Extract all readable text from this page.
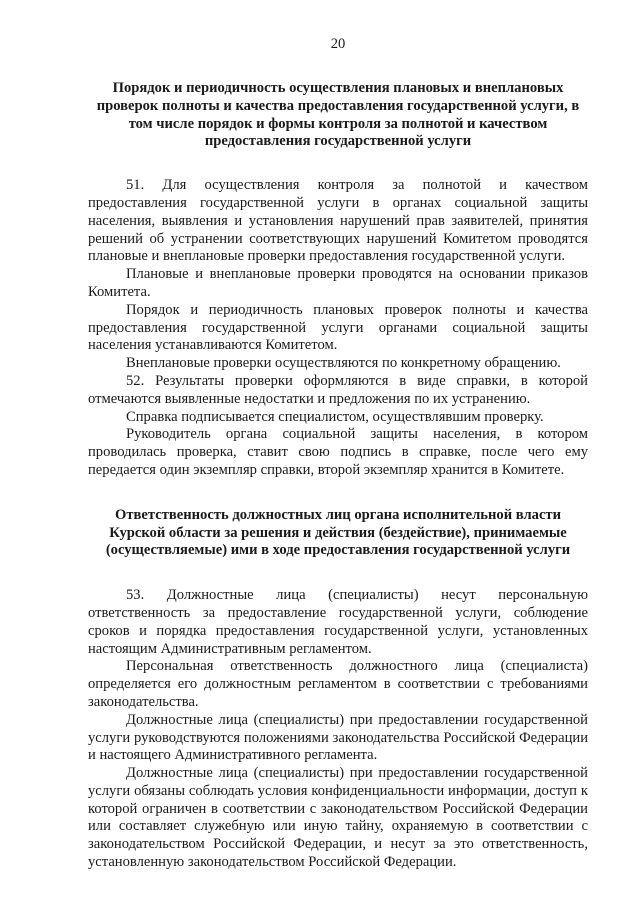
20

Порядок и периодичность осуществления плановых и внеплановых проверок полноты и качества предоставления государственной услуги, в том числе порядок и формы контроля за полнотой и качеством предоставления государственной услуги

51. Для осуществления контроля за полнотой и качеством предоставления государственной услуги в органах социальной защиты населения, выявления и установления нарушений прав заявителей, принятия решений об устранении соответствующих нарушений Комитетом проводятся плановые и внеплановые проверки предоставления государственной услуги.

Плановые и внеплановые проверки проводятся на основании приказов Комитета.

Порядок и периодичность плановых проверок полноты и качества предоставления государственной услуги органами социальной защиты населения устанавливаются Комитетом.

Внеплановые проверки осуществляются по конкретному обращению.

52. Результаты проверки оформляются в виде справки, в которой отмечаются выявленные недостатки и предложения по их устранению.

Справка подписывается специалистом, осуществлявшим проверку.

Руководитель органа социальной защиты населения, в котором проводилась проверка, ставит свою подпись в справке, после чего ему передается один экземпляр справки, второй экземпляр хранится в Комитете.

Ответственность должностных лиц органа исполнительной власти Курской области за решения и действия (бездействие), принимаемые (осуществляемые) ими в ходе предоставления государственной услуги

53. Должностные лица (специалисты) несут персональную ответственность за предоставление государственной услуги, соблюдение сроков и порядка предоставления государственной услуги, установленных настоящим Административным регламентом.

Персональная ответственность должностного лица (специалиста) определяется его должностным регламентом в соответствии с требованиями законодательства.

Должностные лица (специалисты) при предоставлении государственной услуги руководствуются положениями законодательства Российской Федерации и настоящего Административного регламента.

Должностные лица (специалисты) при предоставлении государственной услуги обязаны соблюдать условия конфиденциальности информации, доступ к которой ограничен в соответствии с законодательством Российской Федерации или составляет служебную или иную тайну, охраняемую в соответствии с законодательством Российской Федерации, и несут за это ответственность, установленную законодательством Российской Федерации.
